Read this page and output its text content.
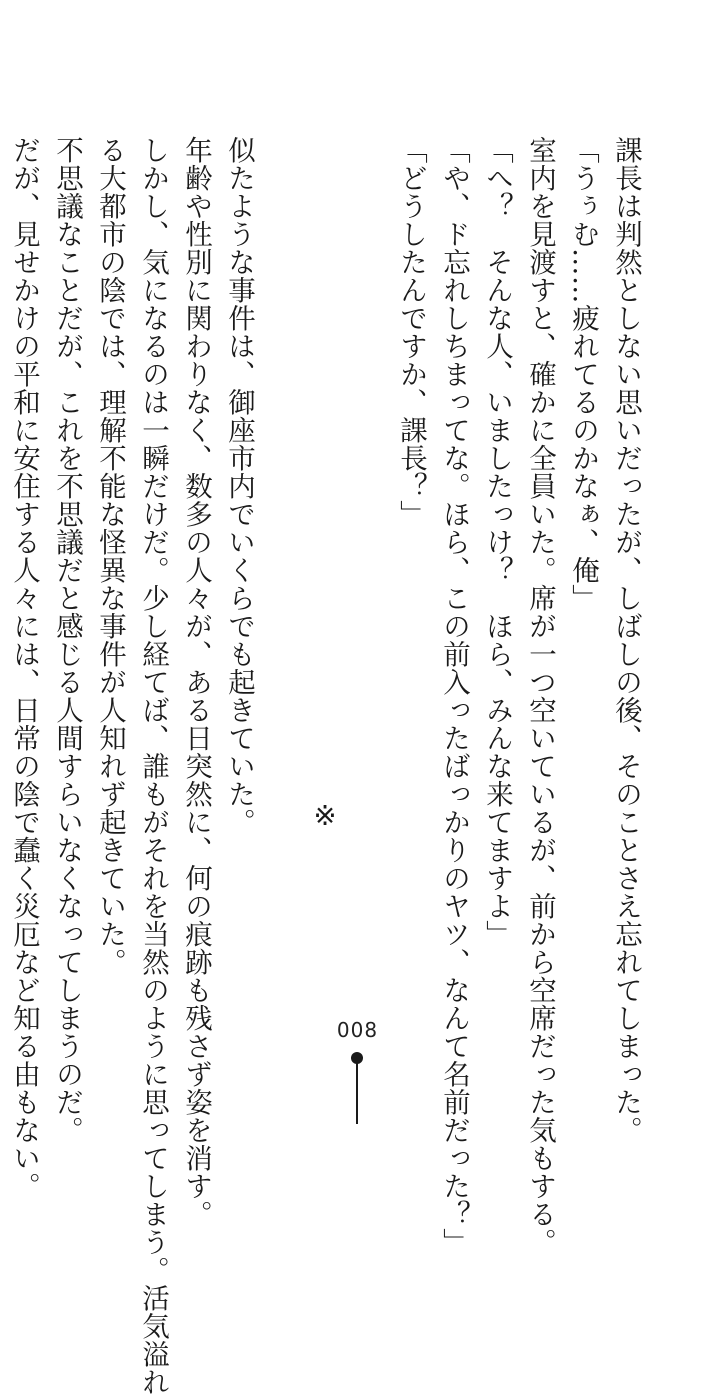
課長は判然としない思いだったが、しばしの後、そのことさえ忘れてしまった。
「うぅむ……疲れてるのかなぁ、俺」
室内を見渡すと、確かに全員いた。席が一つ空いているが、前から空席だった気もする。
「へ？　そんな人、いましたっけ？　ほら、みんな来てますよ」
「や、ド忘れしちまってな。ほら、この前入ったばっかりのヤツ、なんて名前だった？」
「どうしたんですか、課長？」

※

似たような事件は、御座市内でいくらでも起きていた。
年齢や性別に関わりなく、数多の人々が、ある日突然に、何の痕跡も残さず姿を消す。
しかし、気になるのは一瞬だけだ。少し経てば、誰もがそれを当然のように思ってしまう。活気溢れ
る大都市の陰では、理解不能な怪異な事件が人知れず起きていた。
不思議なことだが、これを不思議だと感じる人間すらいなくなってしまうのだ。
だが、見せかけの平和に安住する人々には、日常の陰で蠢く災厄など知る由もない。	008
